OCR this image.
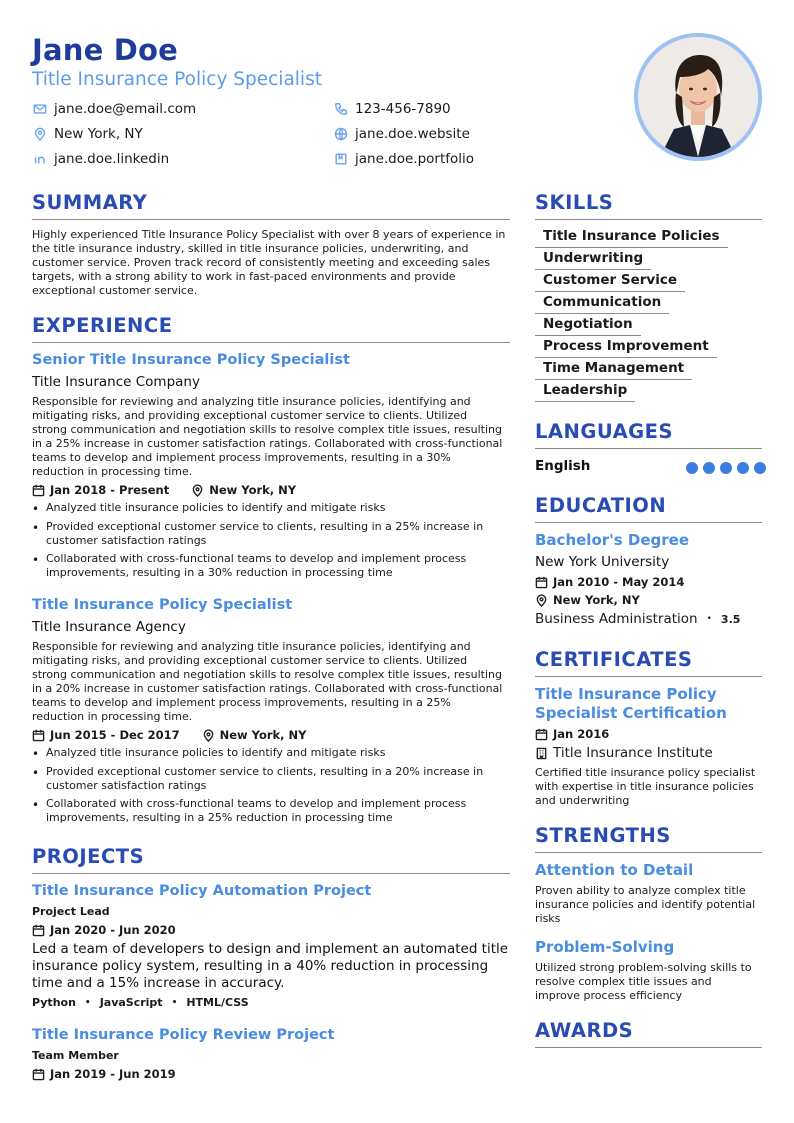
Jane Doe
Title Insurance Policy Specialist
jane.doe@email.com	123-456-7890
New York, NY	jane.doe.website
jane.doe.linkedin	jane.doe.portfolio
SUMMARY
Highly experienced Title Insurance Policy Specialist with over 8 years of experience in the title insurance industry, skilled in title insurance policies, underwriting, and customer service. Proven track record of consistently meeting and exceeding sales targets, with a strong ability to work in fast-paced environments and provide exceptional customer service.
EXPERIENCE
Senior Title Insurance Policy Specialist
Title Insurance Company
Responsible for reviewing and analyzing title insurance policies, identifying and mitigating risks, and providing exceptional customer service to clients. Utilized strong communication and negotiation skills to resolve complex title issues, resulting in a 25% increase in customer satisfaction ratings. Collaborated with cross-functional teams to develop and implement process improvements, resulting in a 30% reduction in processing time.
Jan 2018 - Present	New York, NY
• Analyzed title insurance policies to identify and mitigate risks
• Provided exceptional customer service to clients, resulting in a 25% increase in customer satisfaction ratings
• Collaborated with cross-functional teams to develop and implement process improvements, resulting in a 30% reduction in processing time
Title Insurance Policy Specialist
Title Insurance Agency
Responsible for reviewing and analyzing title insurance policies, identifying and mitigating risks, and providing exceptional customer service to clients. Utilized strong communication and negotiation skills to resolve complex title issues, resulting in a 20% increase in customer satisfaction ratings. Collaborated with cross-functional teams to develop and implement process improvements, resulting in a 25% reduction in processing time.
Jun 2015 - Dec 2017	New York, NY
• Analyzed title insurance policies to identify and mitigate risks
• Provided exceptional customer service to clients, resulting in a 20% increase in customer satisfaction ratings
• Collaborated with cross-functional teams to develop and implement process improvements, resulting in a 25% reduction in processing time
PROJECTS
Title Insurance Policy Automation Project
Project Lead
Jan 2020 - Jun 2020
Led a team of developers to design and implement an automated title insurance policy system, resulting in a 40% reduction in processing time and a 15% increase in accuracy.
Python • JavaScript • HTML/CSS
Title Insurance Policy Review Project
Team Member
Jan 2019 - Jun 2019
SKILLS
Title Insurance Policies
Underwriting
Customer Service
Communication
Negotiation
Process Improvement
Time Management
Leadership
LANGUAGES
English
EDUCATION
Bachelor's Degree
New York University
Jan 2010 - May 2014
New York, NY
Business Administration • 3.5
CERTIFICATES
Title Insurance Policy Specialist Certification
Jan 2016
Title Insurance Institute
Certified title insurance policy specialist with expertise in title insurance policies and underwriting
STRENGTHS
Attention to Detail
Proven ability to analyze complex title insurance policies and identify potential risks
Problem-Solving
Utilized strong problem-solving skills to resolve complex title issues and improve process efficiency
AWARDS
